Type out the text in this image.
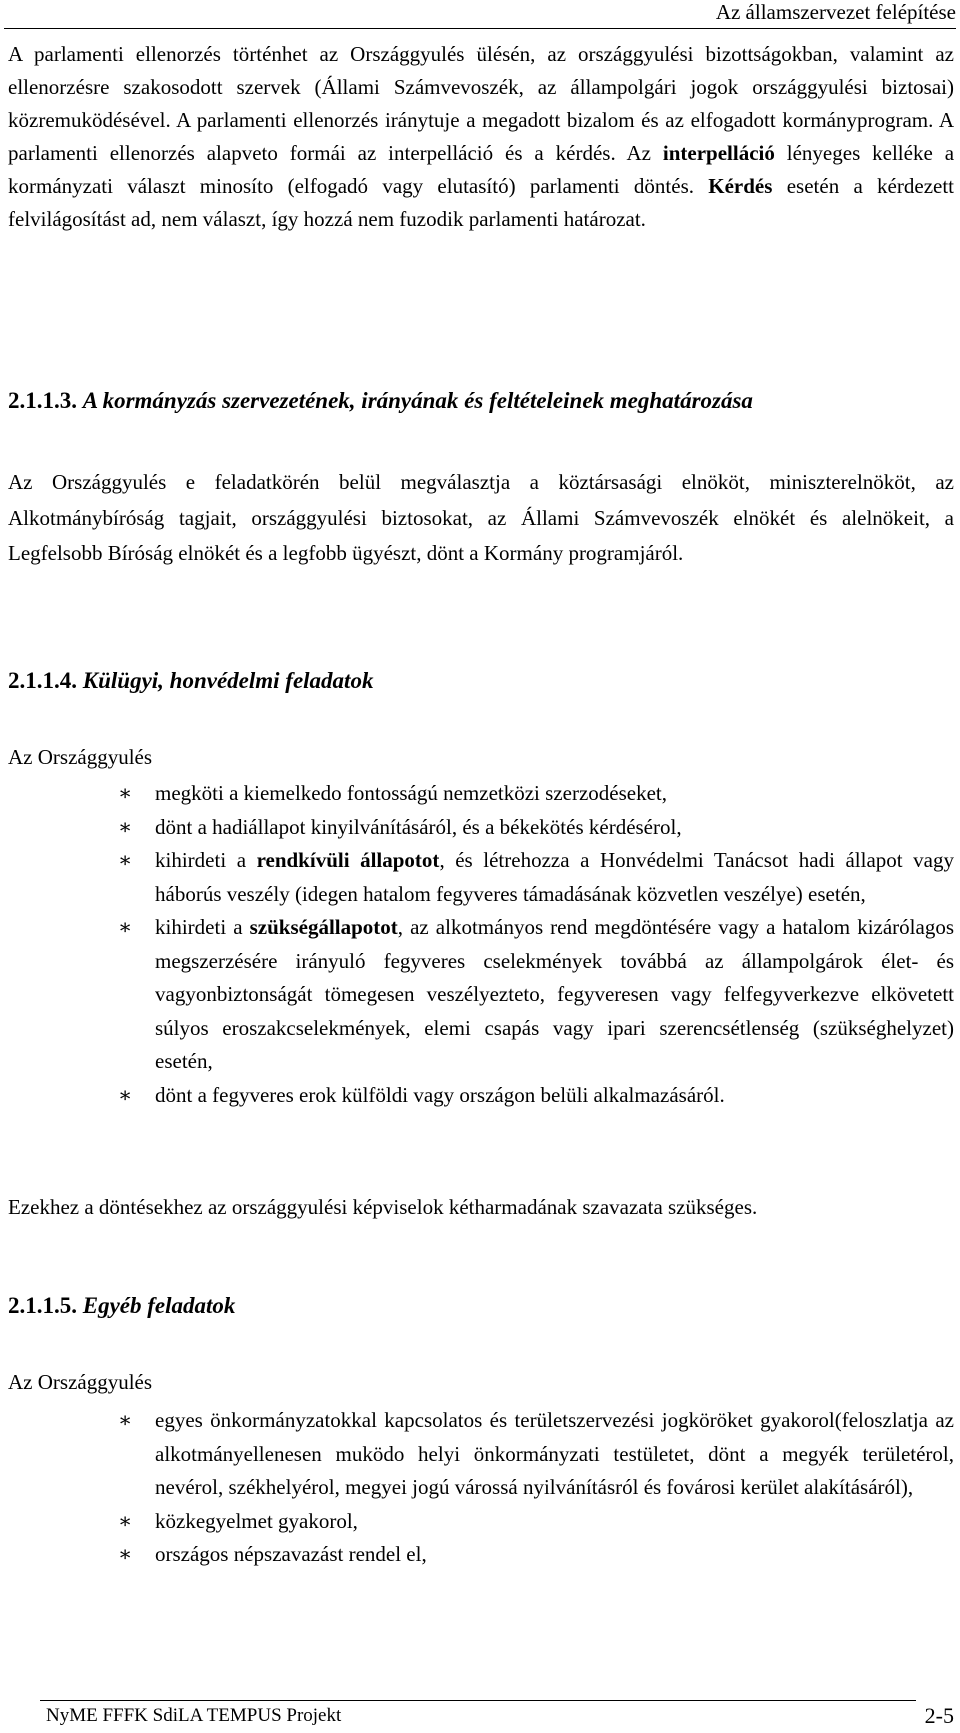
Az államszervezet felépítése

A parlamenti ellenorzés történhet az Országgyulés ülésén, az országgyulési bizottságokban, valamint az ellenorzésre szakosodott szervek (Állami Számvevoszék, az állampolgári jogok országgyulési biztosai) közremuködésével. A parlamenti ellenorzés iránytuje a megadott bizalom és az elfogadott kormányprogram. A parlamenti ellenorzés alapveto formái az interpelláció és a kérdés. Az interpelláció lényeges kelléke a kormányzati választ minosíto (elfogadó vagy elutasító) parlamenti döntés. Kérdés esetén a kérdezett felvilágosítást ad, nem választ, így hozzá nem fuzodik parlamenti határozat.

2.1.1.3. A kormányzás szervezetének, irányának és feltételeinek meghatározása

Az Országgyulés e feladatkörén belül megválasztja a köztársasági elnököt, miniszterelnököt, az Alkotmánybíróság tagjait, országgyulési biztosokat, az Állami Számvevoszék elnökét és alelnökeit, a Legfelsobb Bíróság elnökét és a legfobb ügyészt, dönt a Kormány programjáról.

2.1.1.4. Külügyi, honvédelmi feladatok

Az Országgyulés

∗ megköti a kiemelkedo fontosságú nemzetközi szerzodéseket,
∗ dönt a hadiállapot kinyilvánításáról, és a békekötés kérdésérol,
∗ kihirdeti a rendkívüli állapotot, és létrehozza a Honvédelmi Tanácsot hadi állapot vagy háborús veszély (idegen hatalom fegyveres támadásának közvetlen veszélye) esetén,
∗ kihirdeti a szükségállapotot, az alkotmányos rend megdöntésére vagy a hatalom kizárólagos megszerzésére irányuló fegyveres cselekmények továbbá az állampolgárok élet- és vagyonbiztonságát tömegesen veszélyezteto, fegyveresen vagy felfegyverkezve elkövetett súlyos eroszakcselekmények, elemi csapás vagy ipari szerencsétlenség (szükséghelyzet) esetén,
∗ dönt a fegyveres erok külföldi vagy országon belüli alkalmazásáról.

Ezekhez a döntésekhez az országgyulési képviselok kétharmadának szavazata szükséges.

2.1.1.5. Egyéb feladatok

Az Országgyulés

∗ egyes önkormányzatokkal kapcsolatos és területszervezési jogköröket gyakorol(feloszlatja az alkotmányellenesen muködo helyi önkormányzati testületet, dönt a megyék területérol, nevérol, székhelyérol, megyei jogú várossá nyilvánításról és fovárosi kerület alakításáról),
∗ közkegyelmet gyakorol,
∗ országos népszavazást rendel el,
NyME FFFK SdiLA TEMPUS Projekt	2-5
